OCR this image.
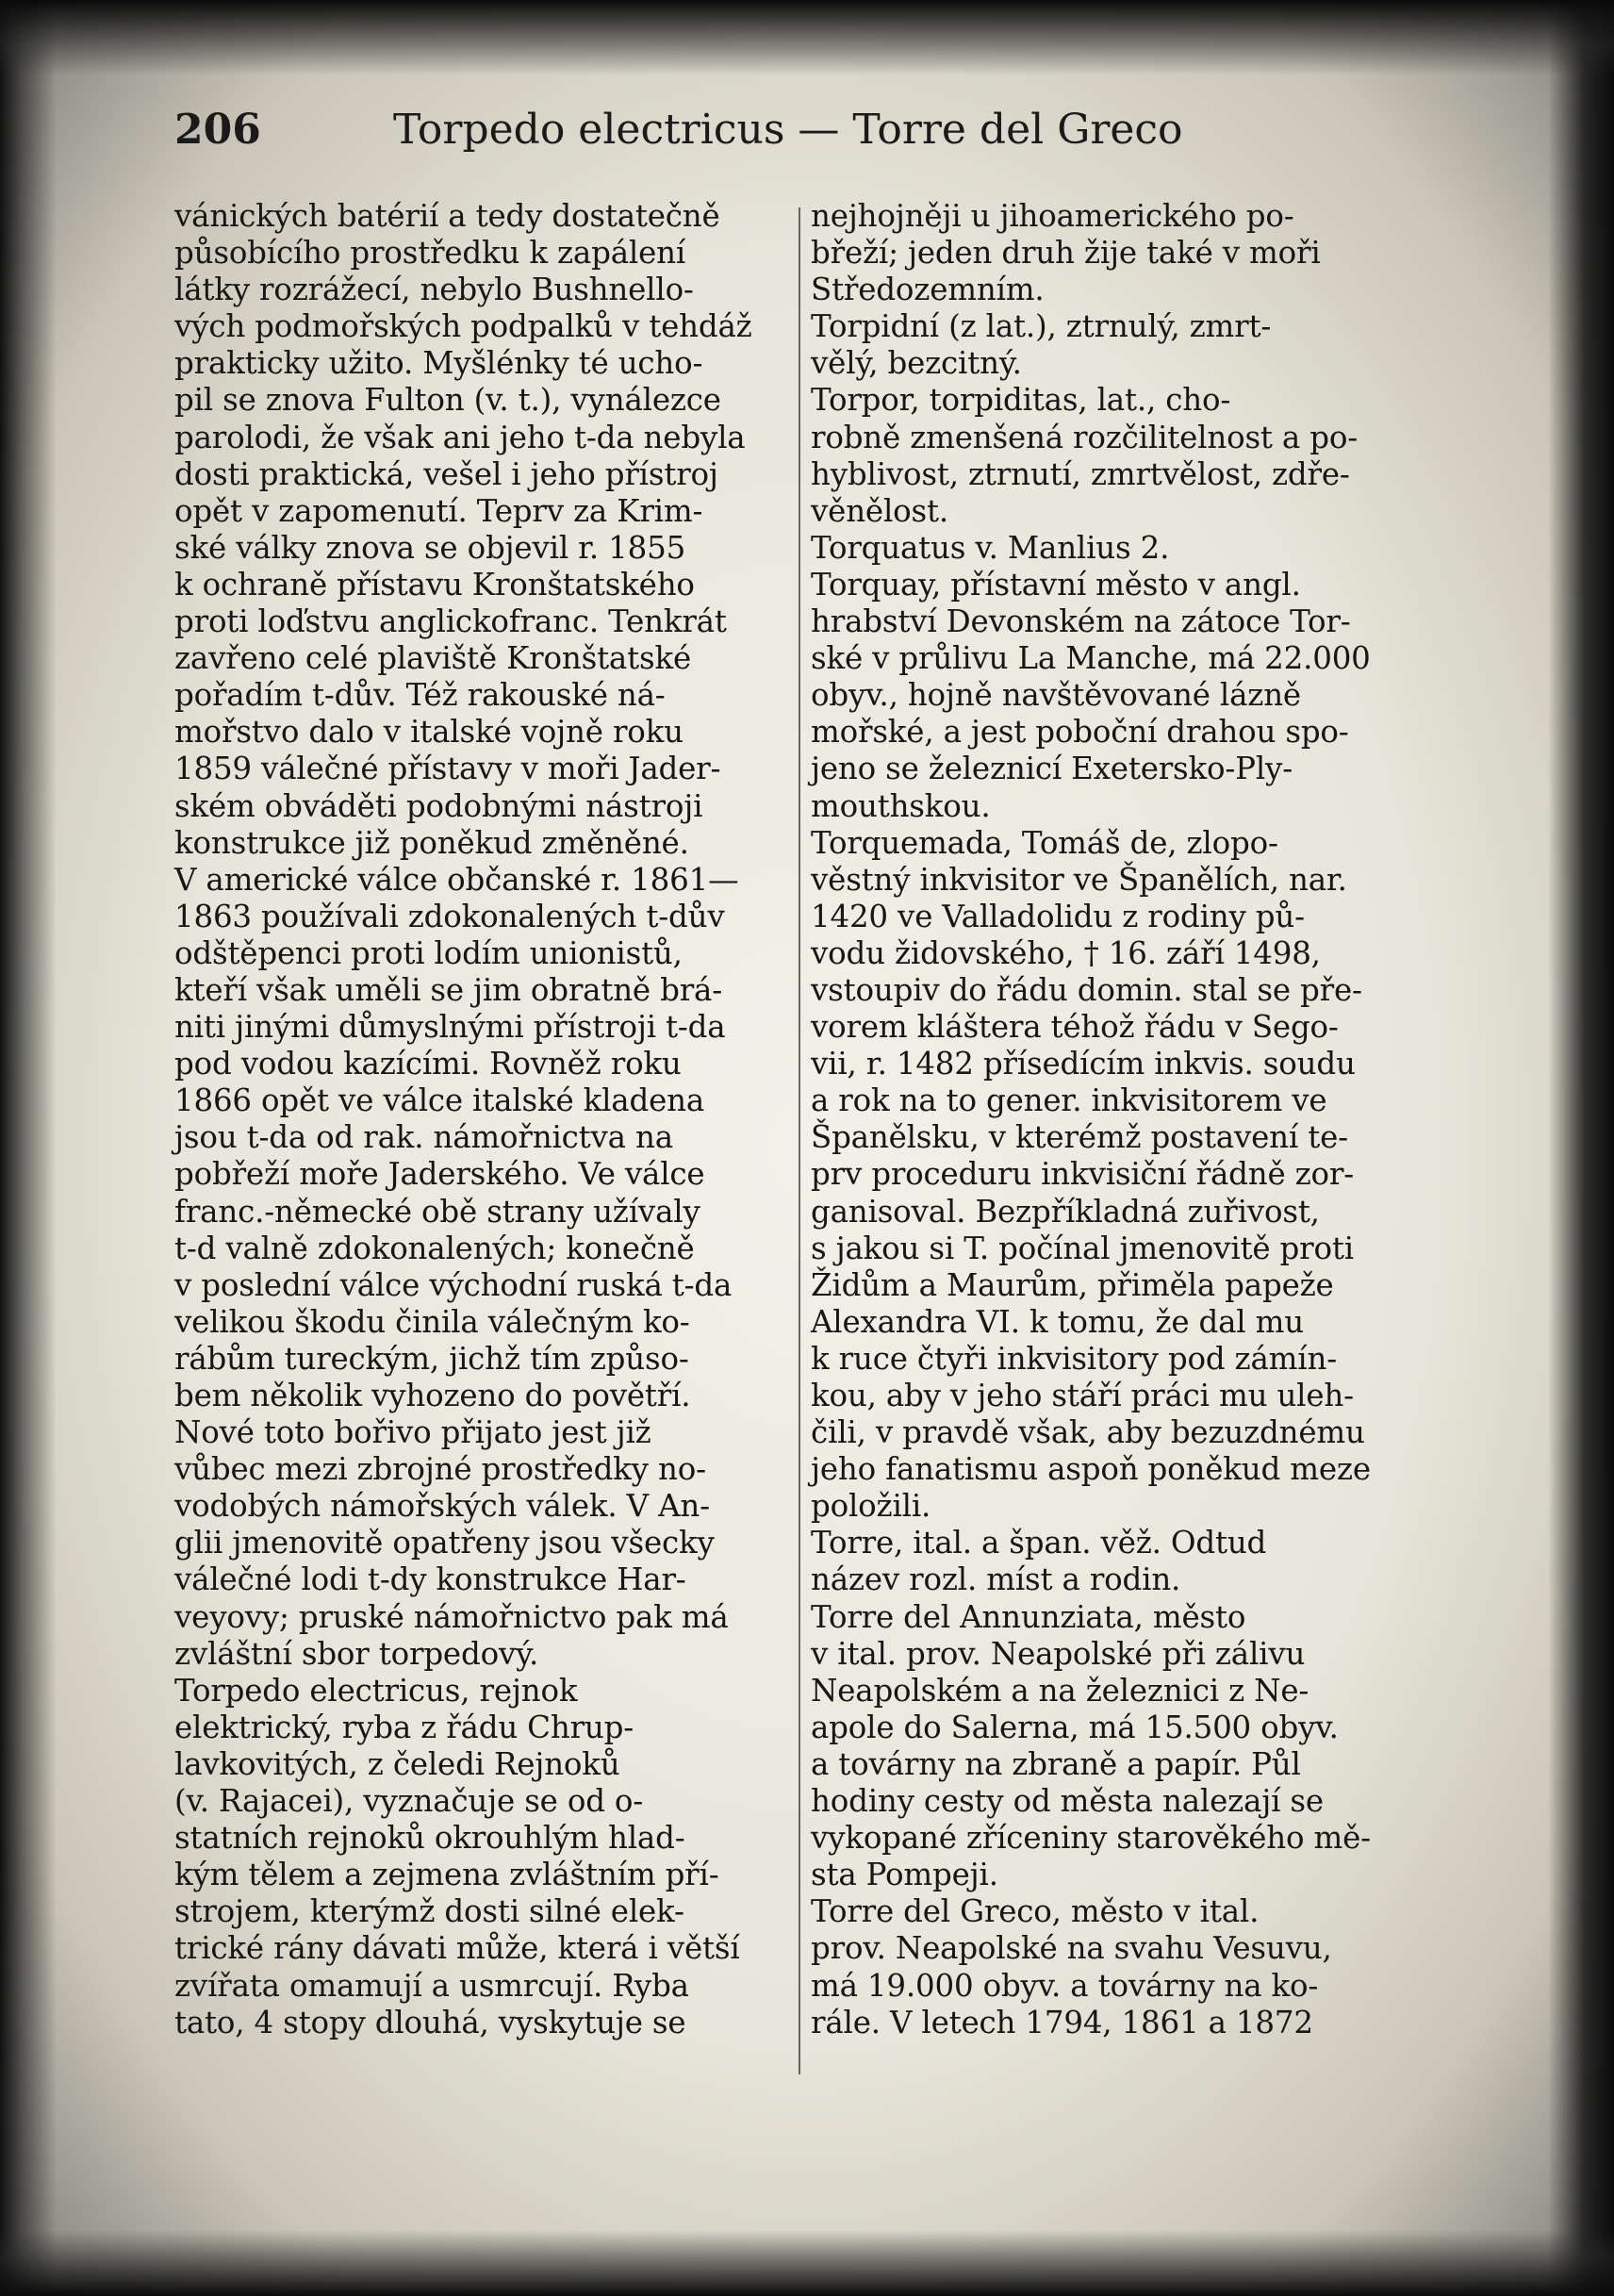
206	Torpedo electricus — Torre del Greco
vánických batérií a tedy dostatečně
působícího prostředku k zapálení
látky rozrážecí, nebylo Bushnello-
vých podmořských podpalků v tehdáž
prakticky užito. Myšlénky té ucho-
pil se znova Fulton (v. t.), vynálezce
parolodi, že však ani jeho t-da nebyla
dosti praktická, vešel i jeho přístroj
opět v zapomenutí. Teprv za Krim-
ské války znova se objevil r. 1855
k ochraně přístavu Kronštatského
proti loďstvu anglickofranc. Tenkrát
zavřeno celé plaviště Kronštatské
pořadím t-dův. Též rakouské ná-
mořstvo dalo v italské vojně roku
1859 válečné přístavy v moři Jader-
ském obváděti podobnými nástroji
konstrukce již poněkud změněné.
V americké válce občanské r. 1861—
1863 používali zdokonalených t-dův
odštěpenci proti lodím unionistů,
kteří však uměli se jim obratně brá-
niti jinými důmyslnými přístroji t-da
pod vodou kazícími. Rovněž roku
1866 opět ve válce italské kladena
jsou t-da od rak. námořnictva na
pobřeží moře Jaderského. Ve válce
franc.-německé obě strany užívaly
t-d valně zdokonalených; konečně
v poslední válce východní ruská t-da
velikou škodu činila válečným ko-
rábům tureckým, jichž tím způso-
bem několik vyhozeno do povětří.
Nové toto bořivo přijato jest již
vůbec mezi zbrojné prostředky no-
vodobých námořských válek. V An-
glii jmenovitě opatřeny jsou všecky
válečné lodi t-dy konstrukce Har-
veyovy; pruské námořnictvo pak má
zvláštní sbor torpedový.
Torpedo electricus, rejnok
elektrický, ryba z řádu Chrup-
lavkovitých, z čeledi Rejnoků
(v. Rajacei), vyznačuje se od o-
statních rejnoků okrouhlým hlad-
kým tělem a zejmena zvláštním pří-
strojem, kterýmž dosti silné elek-
trické rány dávati může, která i větší
zvířata omamují a usmrcují. Ryba
tato, 4 stopy dlouhá, vyskytuje se
nejhojněji u jihoamerického po-
břeží; jeden druh žije také v moři
Středozemním.
Torpidní (z lat.), ztrnulý, zmrt-
vělý, bezcitný.
Torpor, torpiditas, lat., cho-
robně zmenšená rozčilitelnost a po-
hyblivost, ztrnutí, zmrtvělost, zdře-
věnělost.
Torquatus v. Manlius 2.
Torquay, přístavní město v angl.
hrabství Devonském na zátoce Tor-
ské v průlivu La Manche, má 22.000
obyv., hojně navštěvované lázně
mořské, a jest poboční drahou spo-
jeno se železnicí Exetersko-Ply-
mouthskou.
Torquemada, Tomáš de, zlopo-
věstný inkvisitor ve Španělích, nar.
1420 ve Valladolidu z rodiny pů-
vodu židovského, † 16. září 1498,
vstoupiv do řádu domin. stal se pře-
vorem kláštera téhož řádu v Sego-
vii, r. 1482 přísedícím inkvis. soudu
a rok na to gener. inkvisitorem ve
Španělsku, v kterémž postavení te-
prv proceduru inkvisiční řádně zor-
ganisoval. Bezpříkladná zuřivost,
s jakou si T. počínal jmenovitě proti
Židům a Maurům, přiměla papeže
Alexandra VI. k tomu, že dal mu
k ruce čtyři inkvisitory pod zámín-
kou, aby v jeho stáří práci mu uleh-
čili, v pravdě však, aby bezuzdnému
jeho fanatismu aspoň poněkud meze
položili.
Torre, ital. a špan. věž. Odtud
název rozl. míst a rodin.
Torre del Annunziata, město
v ital. prov. Neapolské při zálivu
Neapolském a na železnici z Ne-
apole do Salerna, má 15.500 obyv.
a továrny na zbraně a papír. Půl
hodiny cesty od města nalezají se
vykopané zříceniny starověkého mě-
sta Pompeji.
Torre del Greco, město v ital.
prov. Neapolské na svahu Vesuvu,
má 19.000 obyv. a továrny na ko-
rále. V letech 1794, 1861 a 1872
